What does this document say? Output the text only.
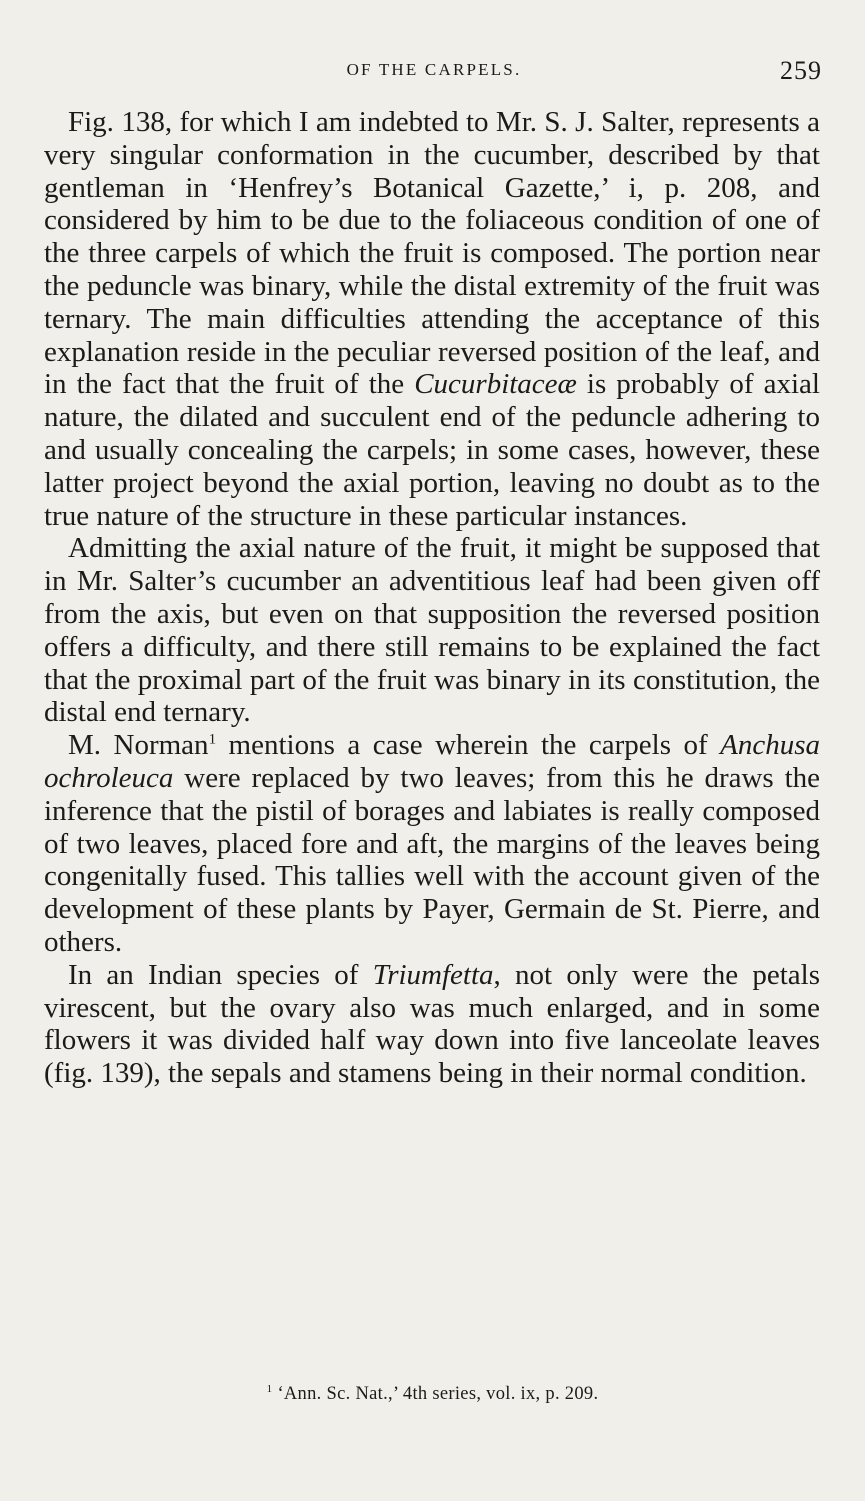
OF THE CARPELS.	259

Fig. 138, for which I am indebted to Mr. S. J. Salter, represents a very singular conformation in the cucumber, described by that gentleman in ‘Henfrey’s Botanical Gazette,’ i, p. 208, and considered by him to be due to the foliaceous condition of one of the three carpels of which the fruit is composed. The portion near the peduncle was binary, while the distal extremity of the fruit was ternary. The main difficulties attending the acceptance of this explanation reside in the peculiar reversed position of the leaf, and in the fact that the fruit of the Cucurbitaceæ is probably of axial nature, the dilated and succulent end of the peduncle adhering to and usually concealing the carpels; in some cases, however, these latter project beyond the axial portion, leaving no doubt as to the true nature of the structure in these particular instances.

Admitting the axial nature of the fruit, it might be supposed that in Mr. Salter’s cucumber an adventitious leaf had been given off from the axis, but even on that supposition the reversed position offers a difficulty, and there still remains to be explained the fact that the proximal part of the fruit was binary in its constitution, the distal end ternary.

M. Norman$^1$ mentions a case wherein the carpels of Anchusa ochroleuca were replaced by two leaves; from this he draws the inference that the pistil of borages and labiates is really composed of two leaves, placed fore and aft, the margins of the leaves being congenitally fused. This tallies well with the account given of the development of these plants by Payer, Germain de St. Pierre, and others.

In an Indian species of Triumfetta, not only were the petals virescent, but the ovary also was much enlarged, and in some flowers it was divided half way down into five lanceolate leaves (fig. 139), the sepals and stamens being in their normal condition.

$^1$ ‘Ann. Sc. Nat.,’ 4th series, vol. ix, p. 209.
